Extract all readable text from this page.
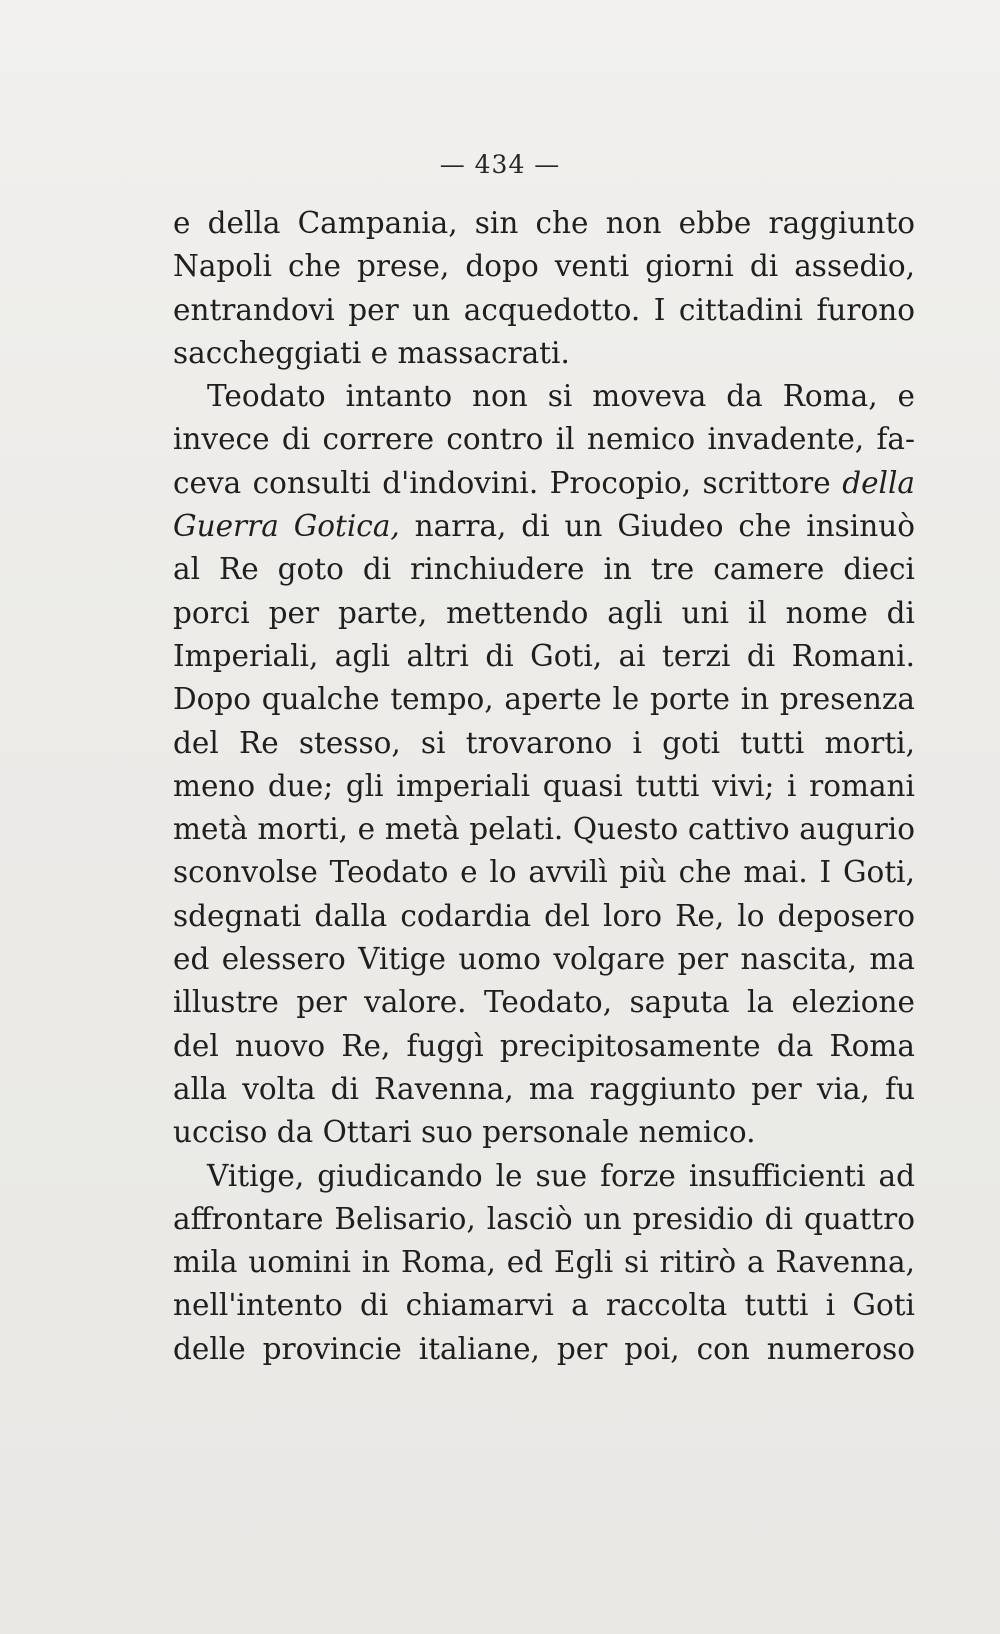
— 434 —
e della Campania, sin che non ebbe raggiunto
Napoli che prese, dopo venti giorni di assedio,
entrandovi per un acquedotto. I cittadini furono
saccheggiati e massacrati.
Teodato intanto non si moveva da Roma, e
invece di correre contro il nemico invadente, fa-
ceva consulti d'indovini. Procopio, scrittore della
Guerra Gotica, narra, di un Giudeo che insinuò
al Re goto di rinchiudere in tre camere dieci
porci per parte, mettendo agli uni il nome di
Imperiali, agli altri di Goti, ai terzi di Romani.
Dopo qualche tempo, aperte le porte in presenza
del Re stesso, si trovarono i goti tutti morti,
meno due; gli imperiali quasi tutti vivi; i romani
metà morti, e metà pelati. Questo cattivo augurio
sconvolse Teodato e lo avvilì più che mai. I Goti,
sdegnati dalla codardia del loro Re, lo deposero
ed elessero Vitige uomo volgare per nascita, ma
illustre per valore. Teodato, saputa la elezione
del nuovo Re, fuggì precipitosamente da Roma
alla volta di Ravenna, ma raggiunto per via, fu
ucciso da Ottari suo personale nemico.
Vitige, giudicando le sue forze insufficienti ad
affrontare Belisario, lasciò un presidio di quattro
mila uomini in Roma, ed Egli si ritirò a Ravenna,
nell'intento di chiamarvi a raccolta tutti i Goti
delle provincie italiane, per poi, con numeroso
